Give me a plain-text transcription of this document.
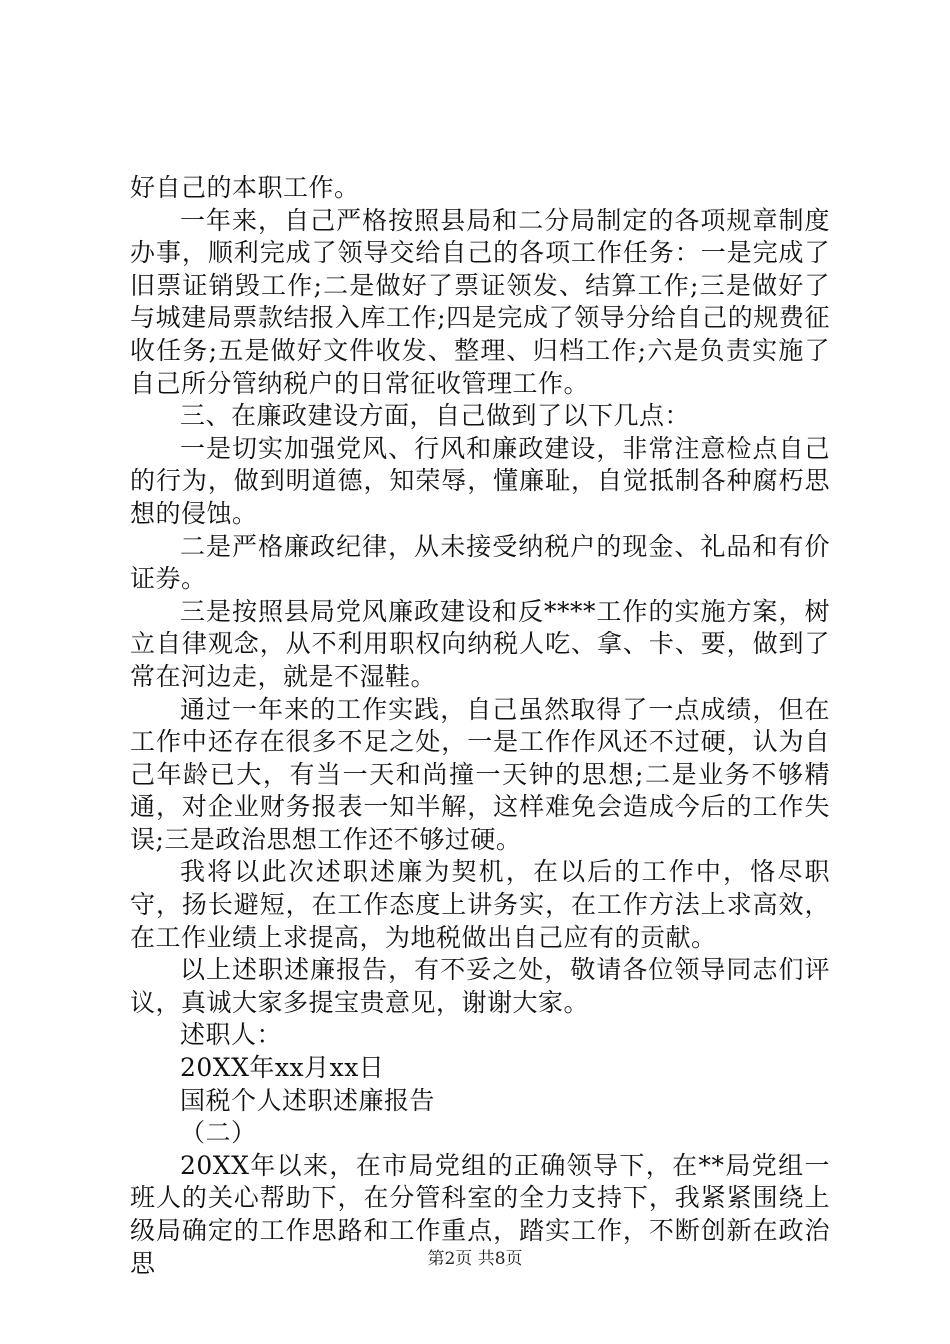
好自己的本职工作。

一年来，自己严格按照县局和二分局制定的各项规章制度办事，顺利完成了领导交给自己的各项工作任务：一是完成了旧票证销毁工作;二是做好了票证领发、结算工作;三是做好了与城建局票款结报入库工作;四是完成了领导分给自己的规费征收任务;五是做好文件收发、整理、归档工作;六是负责实施了自己所分管纳税户的日常征收管理工作。

三、在廉政建设方面，自己做到了以下几点：

一是切实加强党风、行风和廉政建设，非常注意检点自己的行为，做到明道德，知荣辱，懂廉耻，自觉抵制各种腐朽思想的侵蚀。

二是严格廉政纪律，从未接受纳税户的现金、礼品和有价证券。

三是按照县局党风廉政建设和反****工作的实施方案，树立自律观念，从不利用职权向纳税人吃、拿、卡、要，做到了常在河边走，就是不湿鞋。

通过一年来的工作实践，自己虽然取得了一点成绩，但在工作中还存在很多不足之处，一是工作作风还不过硬，认为自己年龄已大，有当一天和尚撞一天钟的思想;二是业务不够精通，对企业财务报表一知半解，这样难免会造成今后的工作失误;三是政治思想工作还不够过硬。

我将以此次述职述廉为契机，在以后的工作中，恪尽职守，扬长避短，在工作态度上讲务实，在工作方法上求高效，在工作业绩上求提高，为地税做出自己应有的贡献。

以上述职述廉报告，有不妥之处，敬请各位领导同志们评议，真诚大家多提宝贵意见，谢谢大家。

述职人：

20XX年xx月xx日

国税个人述职述廉报告

（二）

20XX年以来，在市局党组的正确领导下，在**局党组一班人的关心帮助下，在分管科室的全力支持下，我紧紧围绕上级局确定的工作思路和工作重点，踏实工作，不断创新在政治思	第2页 共8页
